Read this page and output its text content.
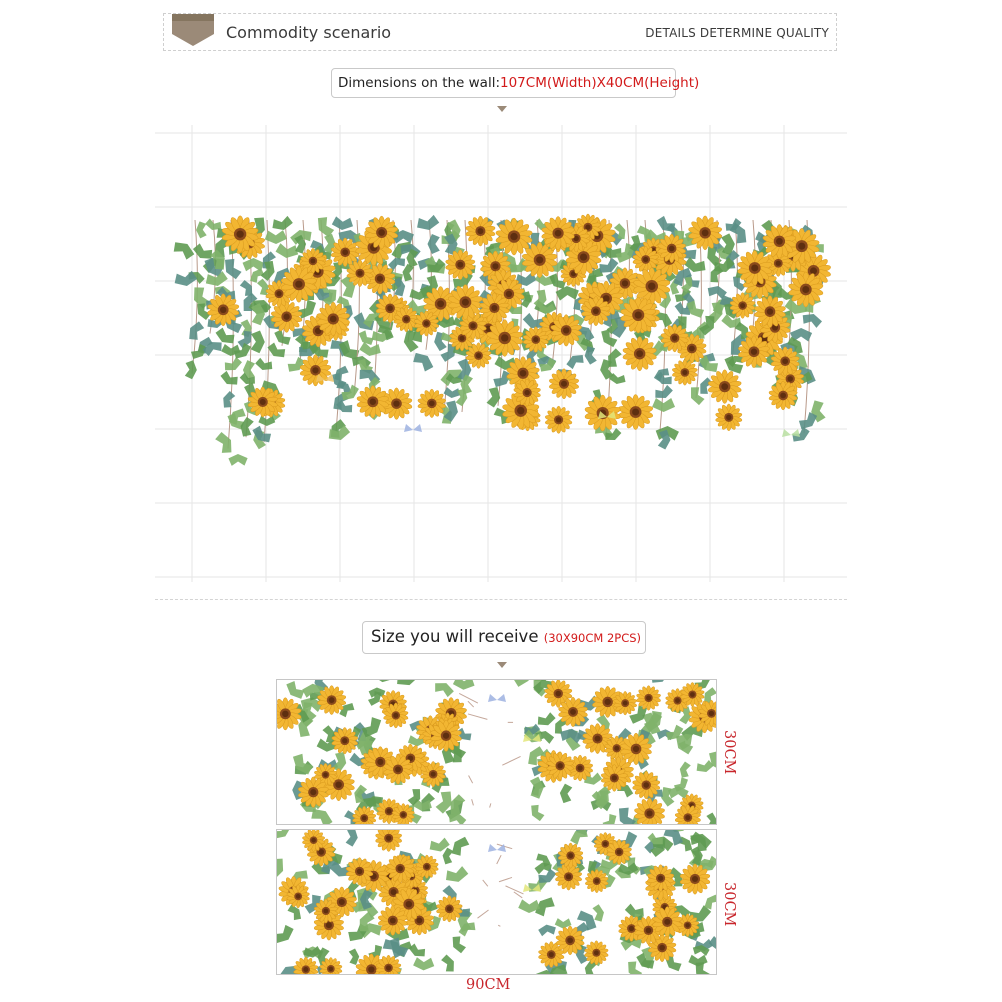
Commodity scenario	DETAILS DETERMINE QUALITY
Dimensions on the wall:107CM(Width)X40CM(Height)
Size you will receive (30X90CM 2PCS)
30CM
30CM
90CM
